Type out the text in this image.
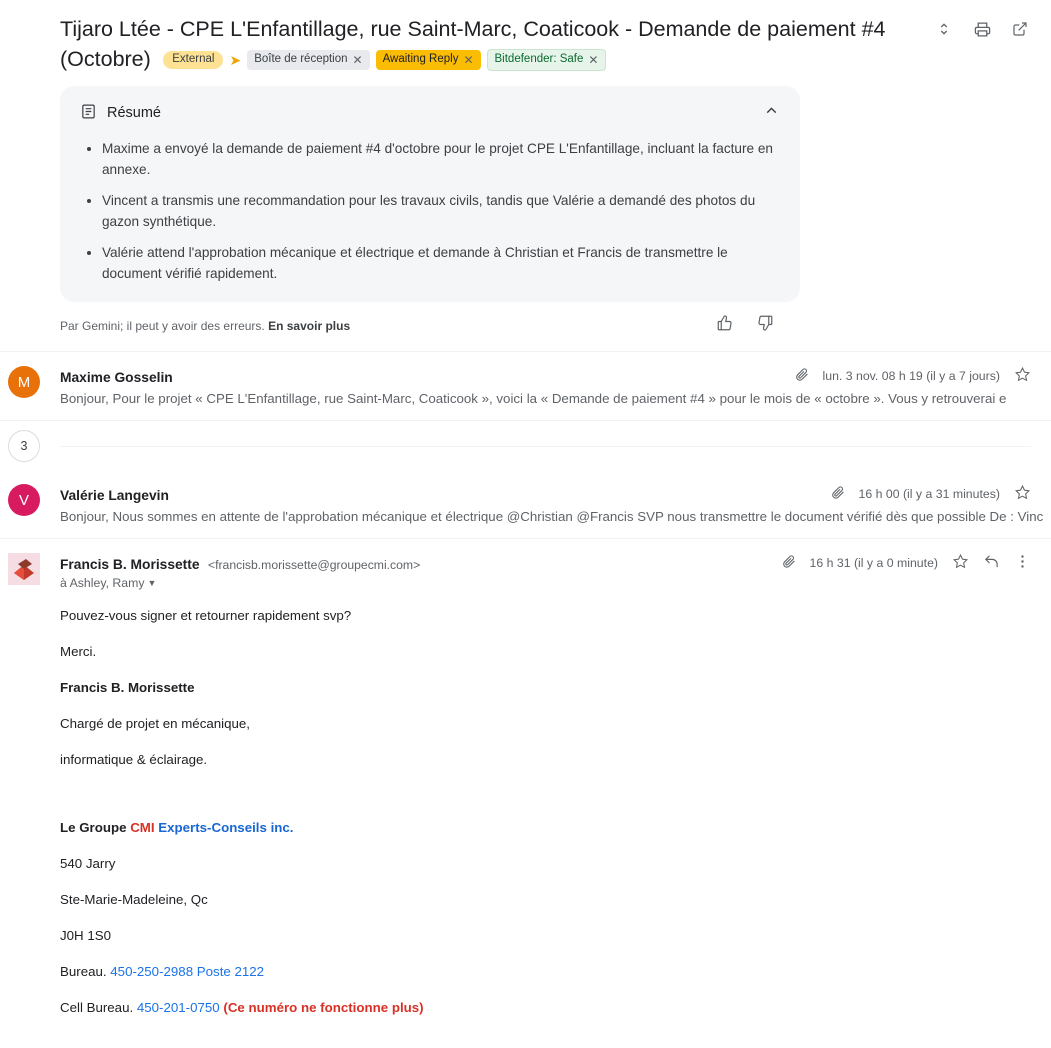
Tijaro Ltée - CPE L'Enfantillage, rue Saint-Marc, Coaticook - Demande de paiement #4 (Octobre)	External	➤ Boîte de réception ✕ Awaiting Reply ✕ Bitdefender: Safe ✕
Résumé
• Maxime a envoyé la demande de paiement #4 d'octobre pour le projet CPE L'Enfantillage, incluant la facture en annexe.
• Vincent a transmis une recommandation pour les travaux civils, tandis que Valérie a demandé des photos du gazon synthétique.
• Valérie attend l'approbation mécanique et électrique et demande à Christian et Francis de transmettre le document vérifié rapidement.
Par Gemini; il peut y avoir des erreurs. En savoir plus
M Maxime Gosselin	lun. 3 nov. 08 h 19 (il y a 7 jours)
Bonjour, Pour le projet « CPE L'Enfantillage, rue Saint-Marc, Coaticook », voici la « Demande de paiement #4 » pour le mois de « octobre ». Vous y retrouverai e
3
V Valérie Langevin	16 h 00 (il y a 31 minutes)
Bonjour, Nous sommes en attente de l'approbation mécanique et électrique @Christian @Francis SVP nous transmettre le document vérifié dès que possible De : Vinc
Francis B. Morissette <francisb.morissette@groupecmi.com>
à Ashley, Ramy ▼
16 h 31 (il y a 0 minute)

Pouvez-vous signer et retourner rapidement svp?

Merci.

Francis B. Morissette

Chargé de projet en mécanique,

informatique & éclairage.

Le Groupe CMI Experts-Conseils inc.

540 Jarry

Ste-Marie-Madeleine, Qc

J0H 1S0

Bureau. 450-250-2988 Poste 2122

Cell Bureau. 450-201-0750 (Ce numéro ne fonctionne plus)
